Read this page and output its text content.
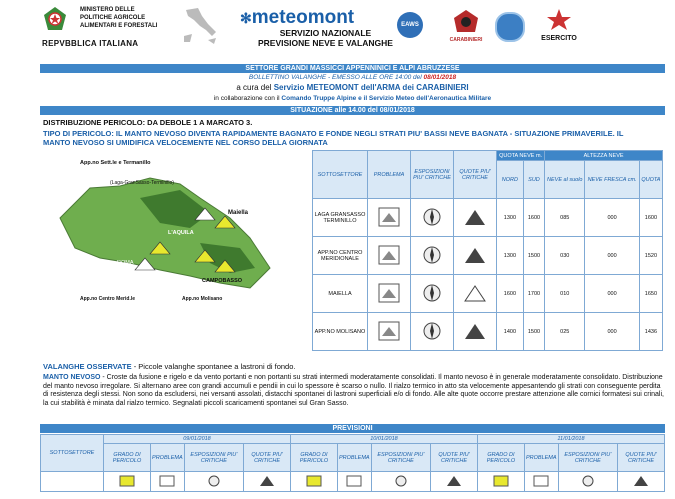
MINISTERO DELLE
POLITICHE AGRICOLE
ALIMENTARI E FORESTALI
REPVBBLICA ITALIANA
✻meteomont
SERVIZIO NAZIONALE
PREVISIONE NEVE E VALANGHE
EAWS
CARABINIERI	ESERCITO
SETTORE GRANDI MASSICCI APPENNINICI E ALPI ABRUZZESE
BOLLETTINO VALANGHE - EMESSO ALLE ORE 14:00 del 08/01/2018
a cura del Servizio METEOMONT dell'ARMA dei CARABINIERI
in collaborazione con il Comando Truppe Alpine e il Servizio Meteo dell'Aeronautica Militare
SITUAZIONE alle 14.00 del 08/01/2018
DISTRIBUZIONE PERICOLO: DA DEBOLE 1 A MARCATO 3.
TIPO DI PERICOLO: IL MANTO NEVOSO DIVENTA RAPIDAMENTE BAGNATO E FONDE NEGLI STRATI PIU' BASSI NEVE BAGNATA - SITUAZIONE PRIMAVERILE. IL MANTO NEVOSO SI UMIDIFICA VELOCEMENTE NEL CORSO DELLA GIORNATA
App.no Sett.le e Termanillo
(Laga-GranSasso-Terminillo)
Maiella
L'AQUILA
ROMA
CAMPOBASSO
App.no Centro Merid.le	App.no Molisano
SOTTOSETTORE	PROBLEMA	ESPOSIZIONI PIU' CRITICHE	QUOTE PIU' CRITICHE	QUOTA NEVE m.		ALTEZZA NEVE		
				NORD	SUD	NEVE al suolo	NEVE FRESCA cm.	QUOTA
LAGA GRANSASSO TERMINILLO				1300	1600	085	000	1600
APP.NO CENTRO MERIDIONALE				1300	1500	030	000	1520
MAIELLA				1600	1700	010	000	1650
APP.NO MOLISANO				1400	1500	025	000	1436
VALANGHE OSSERVATE - Piccole valanghe spontanee a lastroni di fondo.
MANTO NEVOSO - Croste da fusione e rigelo e da vento portanti e non portanti su strati intermedi moderatamente consolidati. Il manto nevoso è in generale moderatamente consolidato. Distribuzione del manto nevoso irregolare. Si alternano aree con grandi accumuli e pendii in cui lo spessore è scarso o nullo. Il rialzo termico in atto sta velocemente appesantendo gli strati con conseguente perdita di resistenza degli stessi. Non sono da escludersi, nei versanti assolati, distacchi spontanei di lastroni superficiali e/o di fondo. Alle alte quote occorre prestare attenzione alle cornici formatesi sui crinali, la cui stabilità è minata dal rialzo termico. Segnalati piccoli scaricamenti spontanei sul Gran Sasso.
PREVISIONI
SOTTOSETTORE	09/01/2018				10/01/2018				11/01/2018			
	GRADO DI PERICOLO	PROBLEMA	ESPOSIZIONI PIU' CRITICHE	QUOTE PIU' CRITICHE	GRADO DI PERICOLO	PROBLEMA	ESPOSIZIONI PIU' CRITICHE	QUOTE PIU' CRITICHE	GRADO DI PERICOLO	PROBLEMA	ESPOSIZIONI PIU' CRITICHE	QUOTE PIU' CRITICHE
